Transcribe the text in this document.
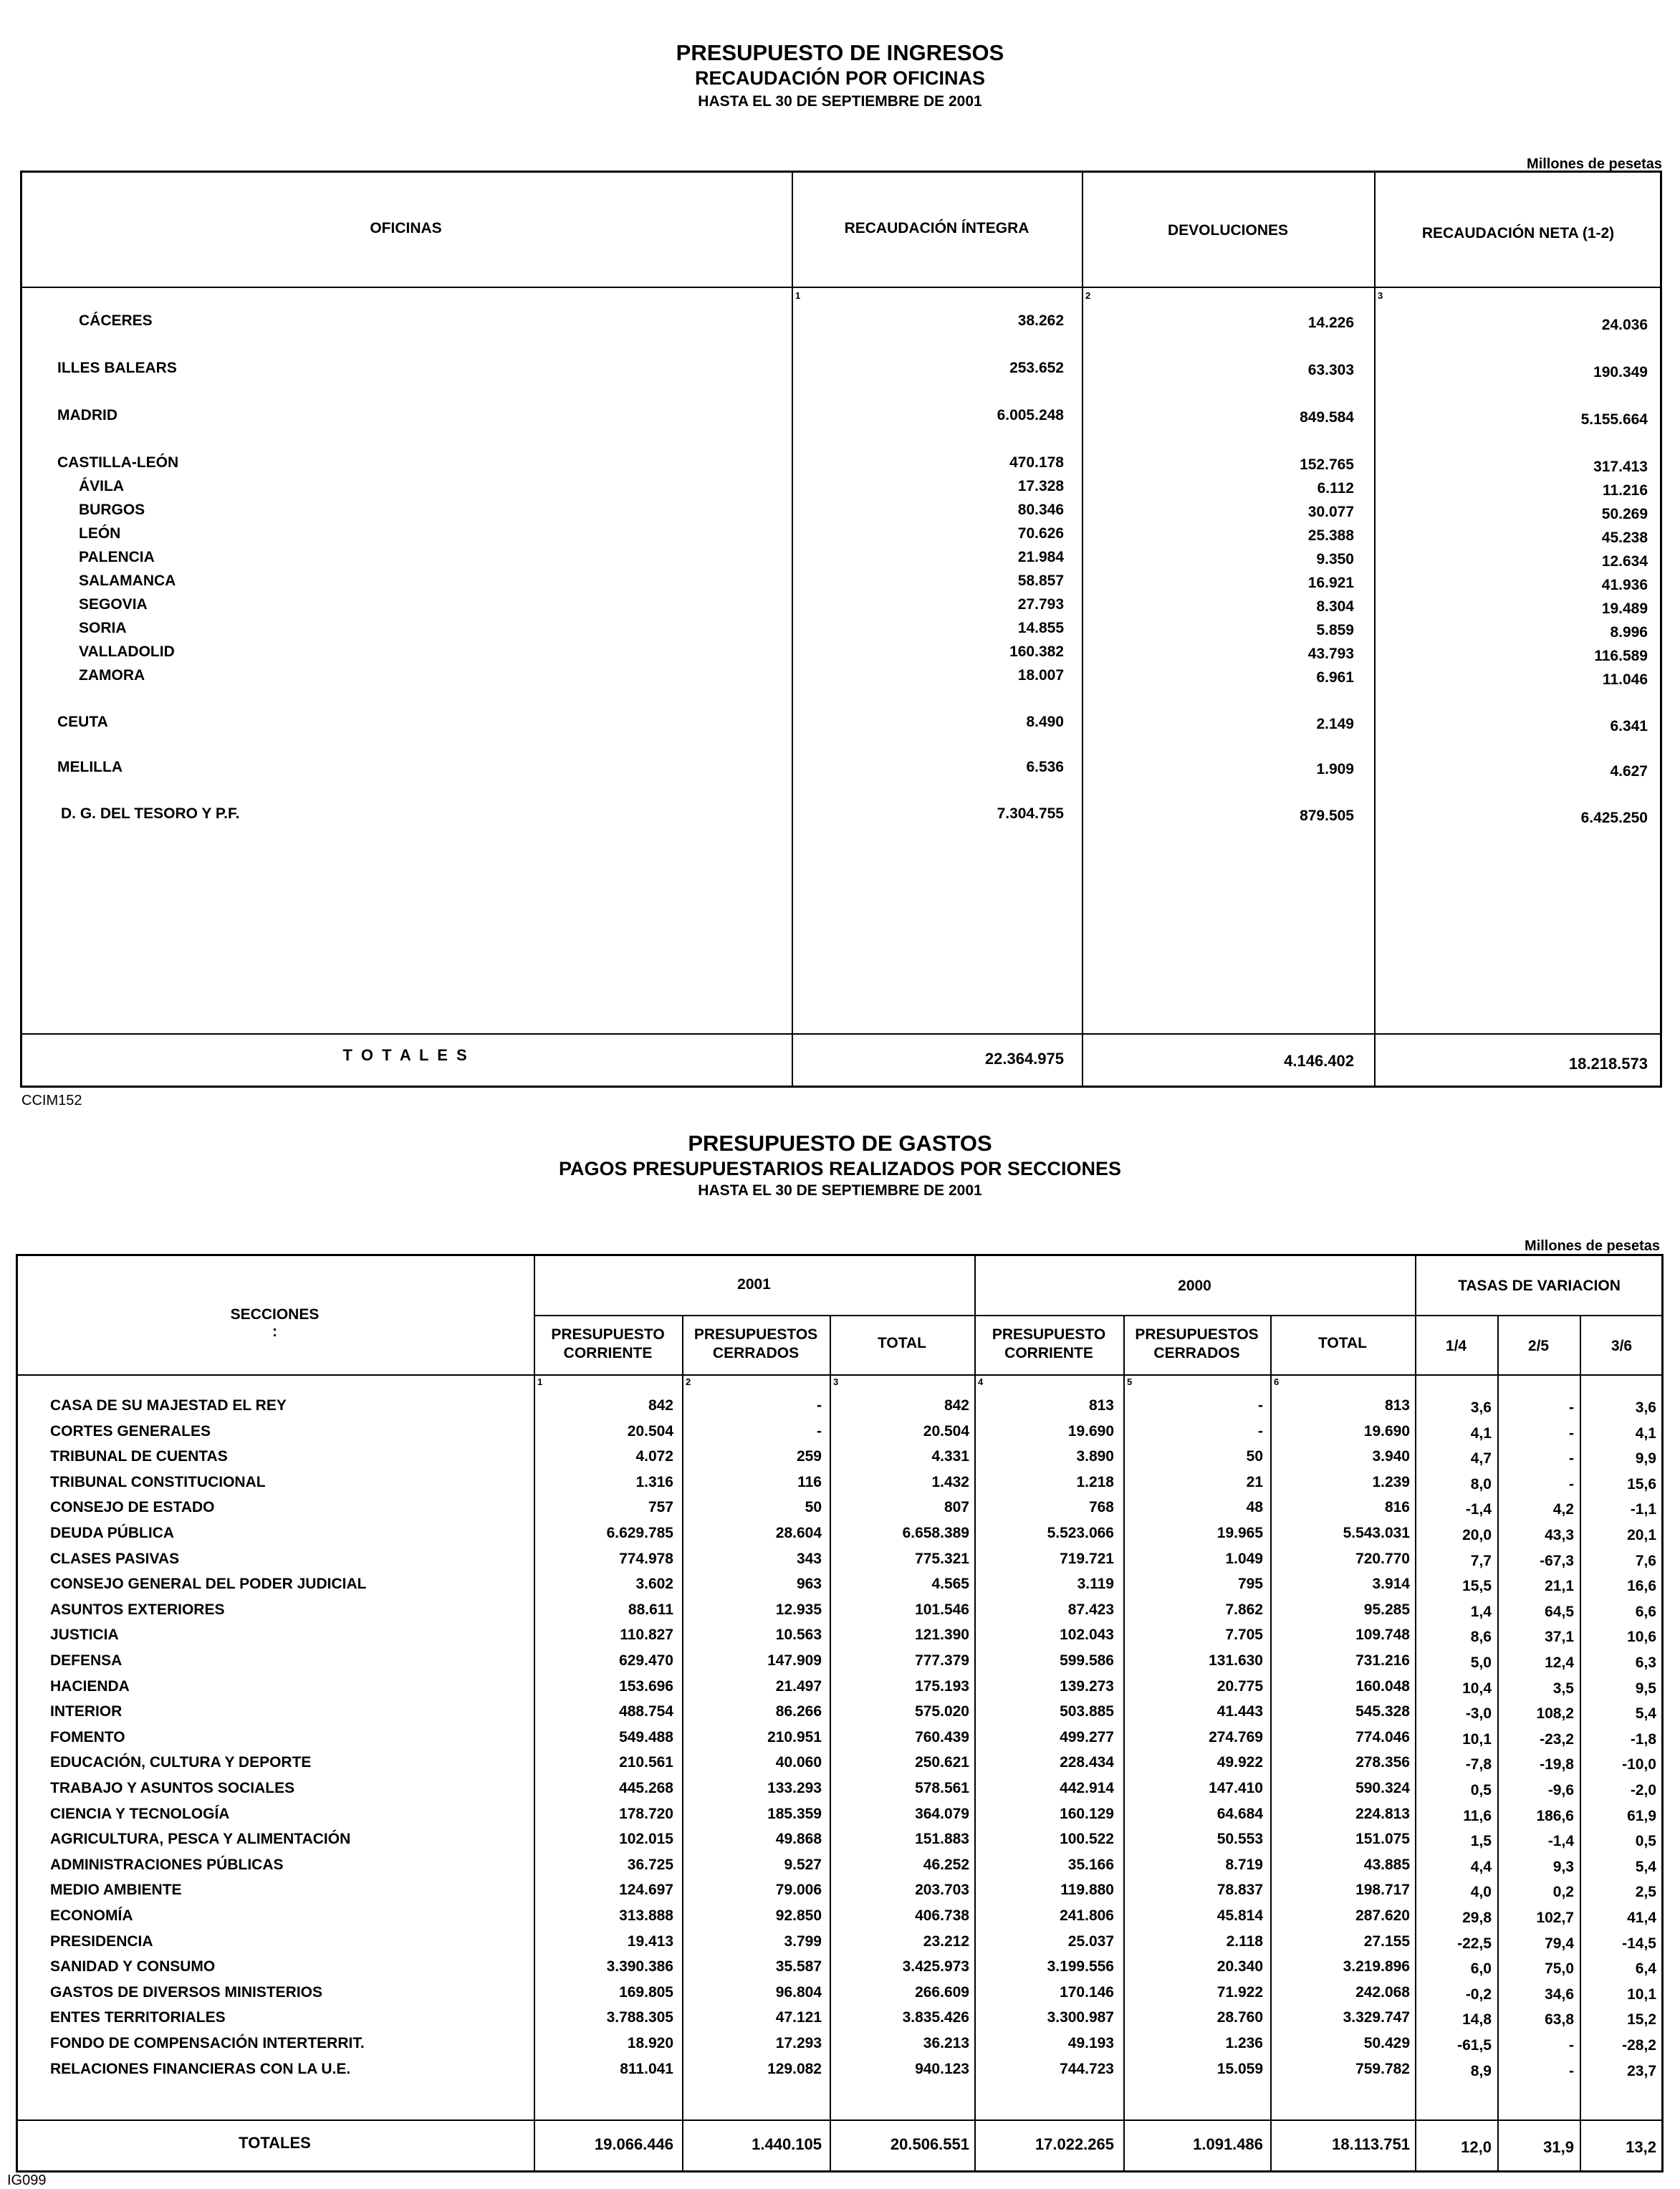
PRESUPUESTO DE INGRESOS
RECAUDACIÓN POR OFICINAS
HASTA EL 30 DE SEPTIEMBRE DE 2001
Millones de pesetas
OFICINAS	RECAUDACIÓN ÍNTEGRA	DEVOLUCIONES	RECAUDACIÓN NETA (1-2)
1	2	3
CÁCERES	38.262	14.226	24.036
ILLES BALEARS	253.652	63.303	190.349
MADRID	6.005.248	849.584	5.155.664
CASTILLA-LEÓN	470.178	152.765	317.413
ÁVILA	17.328	6.112	11.216
BURGOS	80.346	30.077	50.269
LEÓN	70.626	25.388	45.238
PALENCIA	21.984	9.350	12.634
SALAMANCA	58.857	16.921	41.936
SEGOVIA	27.793	8.304	19.489
SORIA	14.855	5.859	8.996
VALLADOLID	160.382	43.793	116.589
ZAMORA	18.007	6.961	11.046
CEUTA	8.490	2.149	6.341
MELILLA	6.536	1.909	4.627
D. G. DEL TESORO Y P.F.	7.304.755	879.505	6.425.250
T O T A L E S	22.364.975	4.146.402	18.218.573
CCIM152
PRESUPUESTO DE GASTOS
PAGOS PRESUPUESTARIOS REALIZADOS POR SECCIONES
HASTA EL 30 DE SEPTIEMBRE DE 2001
Millones de pesetas
SECCIONES
:
2001	2000	TASAS DE VARIACION
PRESUPUESTO CORRIENTE
PRESUPUESTOS CERRADOS
TOTAL
PRESUPUESTO CORRIENTE
PRESUPUESTOS CERRADOS
TOTAL	1/4	2/5	3/6
1	2	3	4	5	6
CASA DE SU MAJESTAD EL REY	842	-	842	813	-	813	3,6	-	3,6
CORTES GENERALES	20.504	-	20.504	19.690	-	19.690	4,1	-	4,1
TRIBUNAL DE CUENTAS	4.072	259	4.331	3.890	50	3.940	4,7	-	9,9
TRIBUNAL CONSTITUCIONAL	1.316	116	1.432	1.218	21	1.239	8,0	-	15,6
CONSEJO DE ESTADO	757	50	807	768	48	816	-1,4	4,2	-1,1
DEUDA PÚBLICA	6.629.785	28.604	6.658.389	5.523.066	19.965	5.543.031	20,0	43,3	20,1
CLASES PASIVAS	774.978	343	775.321	719.721	1.049	720.770	7,7	-67,3	7,6
CONSEJO GENERAL DEL PODER JUDICIAL	3.602	963	4.565	3.119	795	3.914	15,5	21,1	16,6
ASUNTOS EXTERIORES	88.611	12.935	101.546	87.423	7.862	95.285	1,4	64,5	6,6
JUSTICIA	110.827	10.563	121.390	102.043	7.705	109.748	8,6	37,1	10,6
DEFENSA	629.470	147.909	777.379	599.586	131.630	731.216	5,0	12,4	6,3
HACIENDA	153.696	21.497	175.193	139.273	20.775	160.048	10,4	3,5	9,5
INTERIOR	488.754	86.266	575.020	503.885	41.443	545.328	-3,0	108,2	5,4
FOMENTO	549.488	210.951	760.439	499.277	274.769	774.046	10,1	-23,2	-1,8
EDUCACIÓN, CULTURA Y DEPORTE	210.561	40.060	250.621	228.434	49.922	278.356	-7,8	-19,8	-10,0
TRABAJO Y ASUNTOS SOCIALES	445.268	133.293	578.561	442.914	147.410	590.324	0,5	-9,6	-2,0
CIENCIA Y TECNOLOGÍA	178.720	185.359	364.079	160.129	64.684	224.813	11,6	186,6	61,9
AGRICULTURA, PESCA Y ALIMENTACIÓN	102.015	49.868	151.883	100.522	50.553	151.075	1,5	-1,4	0,5
ADMINISTRACIONES PÚBLICAS	36.725	9.527	46.252	35.166	8.719	43.885	4,4	9,3	5,4
MEDIO AMBIENTE	124.697	79.006	203.703	119.880	78.837	198.717	4,0	0,2	2,5
ECONOMÍA	313.888	92.850	406.738	241.806	45.814	287.620	29,8	102,7	41,4
PRESIDENCIA	19.413	3.799	23.212	25.037	2.118	27.155	-22,5	79,4	-14,5
SANIDAD Y CONSUMO	3.390.386	35.587	3.425.973	3.199.556	20.340	3.219.896	6,0	75,0	6,4
GASTOS DE DIVERSOS MINISTERIOS	169.805	96.804	266.609	170.146	71.922	242.068	-0,2	34,6	10,1
ENTES TERRITORIALES	3.788.305	47.121	3.835.426	3.300.987	28.760	3.329.747	14,8	63,8	15,2
FONDO DE COMPENSACIÓN INTERTERRIT.	18.920	17.293	36.213	49.193	1.236	50.429	-61,5	-	-28,2
RELACIONES FINANCIERAS CON LA U.E.	811.041	129.082	940.123	744.723	15.059	759.782	8,9	-	23,7
TOTALES	19.066.446	1.440.105	20.506.551	17.022.265	1.091.486	18.113.751	12,0	31,9	13,2
IG099
